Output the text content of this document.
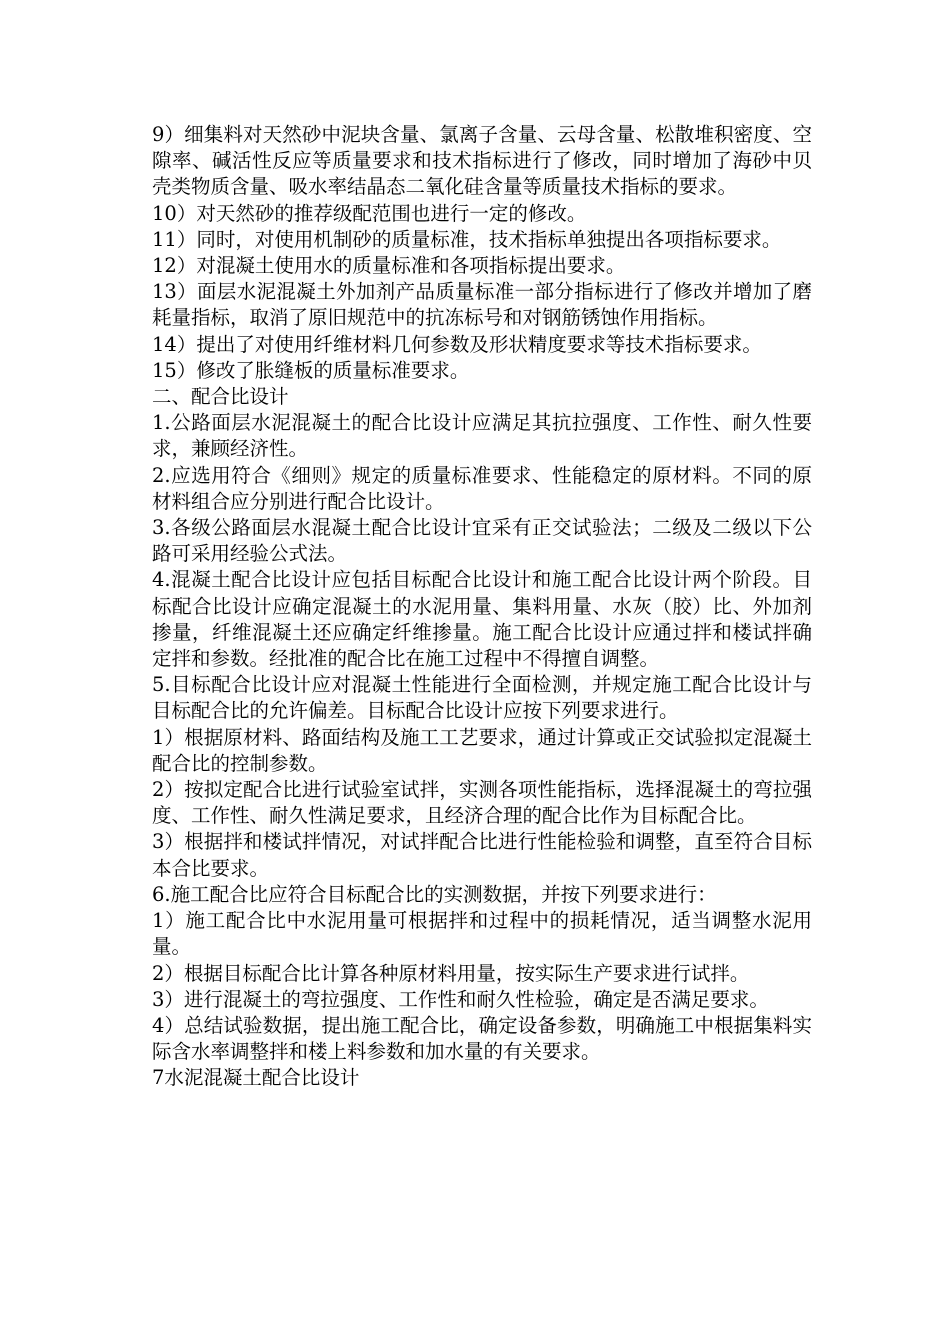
9）细集料对天然砂中泥块含量、氯离子含量、云母含量、松散堆积密度、空隙率、碱活性反应等质量要求和技术指标进行了修改，同时增加了海砂中贝壳类物质含量、吸水率结晶态二氧化硅含量等质量技术指标的要求。

10）对天然砂的推荐级配范围也进行一定的修改。

11）同时，对使用机制砂的质量标准，技术指标单独提出各项指标要求。

12）对混凝土使用水的质量标准和各项指标提出要求。

13）面层水泥混凝土外加剂产品质量标准一部分指标进行了修改并增加了磨耗量指标，取消了原旧规范中的抗冻标号和对钢筋锈蚀作用指标。

14）提出了对使用纤维材料几何参数及形状精度要求等技术指标要求。

15）修改了胀缝板的质量标准要求。

二、配合比设计

1.公路面层水泥混凝土的配合比设计应满足其抗拉强度、工作性、耐久性要求，兼顾经济性。

2.应选用符合《细则》规定的质量标准要求、性能稳定的原材料。不同的原材料组合应分别进行配合比设计。

3.各级公路面层水混凝土配合比设计宜采有正交试验法；二级及二级以下公路可采用经验公式法。

4.混凝土配合比设计应包括目标配合比设计和施工配合比设计两个阶段。目标配合比设计应确定混凝土的水泥用量、集料用量、水灰（胶）比、外加剂掺量，纤维混凝土还应确定纤维掺量。施工配合比设计应通过拌和楼试拌确定拌和参数。经批准的配合比在施工过程中不得擅自调整。

5.目标配合比设计应对混凝土性能进行全面检测，并规定施工配合比设计与目标配合比的允许偏差。目标配合比设计应按下列要求进行。

1）根据原材料、路面结构及施工工艺要求，通过计算或正交试验拟定混凝土配合比的控制参数。

2）按拟定配合比进行试验室试拌，实测各项性能指标，选择混凝土的弯拉强度、工作性、耐久性满足要求，且经济合理的配合比作为目标配合比。

3）根据拌和楼试拌情况，对试拌配合比进行性能检验和调整，直至符合目标本合比要求。

6.施工配合比应符合目标配合比的实测数据，并按下列要求进行：

1）施工配合比中水泥用量可根据拌和过程中的损耗情况，适当调整水泥用量。

2）根据目标配合比计算各种原材料用量，按实际生产要求进行试拌。

3）进行混凝土的弯拉强度、工作性和耐久性检验，确定是否满足要求。

4）总结试验数据，提出施工配合比，确定设备参数，明确施工中根据集料实际含水率调整拌和楼上料参数和加水量的有关要求。

7水泥混凝土配合比设计
